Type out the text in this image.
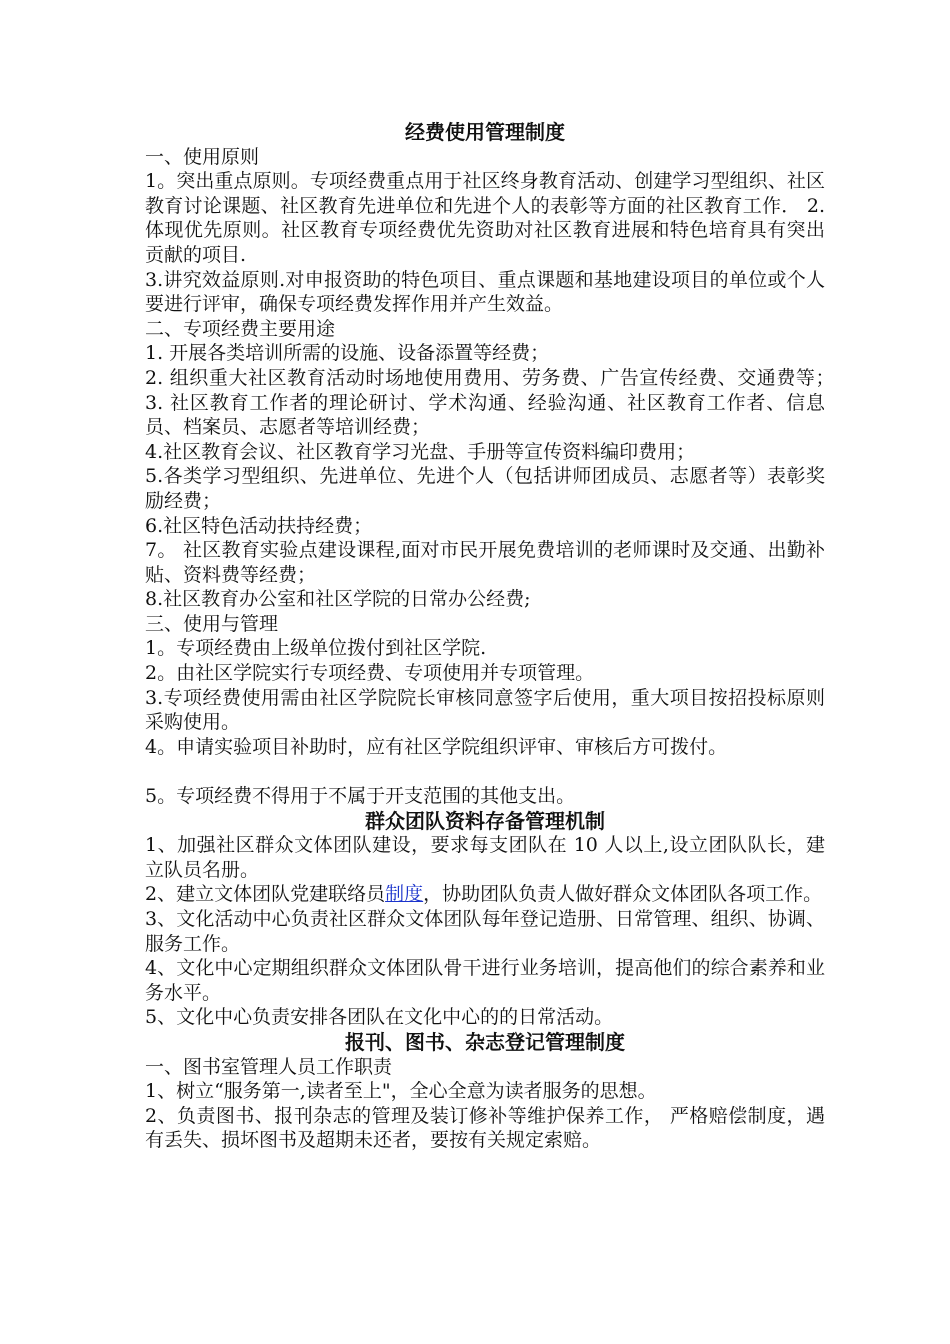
经费使用管理制度

一、使用原则

1。突出重点原则。专项经费重点用于社区终身教育活动、创建学习型组织、社区教育讨论课题、社区教育先进单位和先进个人的表彰等方面的社区教育工作． 2.体现优先原则。社区教育专项经费优先资助对社区教育进展和特色培育具有突出贡献的项目.

3.讲究效益原则.对申报资助的特色项目、重点课题和基地建设项目的单位或个人要进行评审，确保专项经费发挥作用并产生效益。

二、专项经费主要用途

1. 开展各类培训所需的设施、设备添置等经费；

2. 组织重大社区教育活动时场地使用费用、劳务费、广告宣传经费、交通费等；　3. 社区教育工作者的理论研讨、学术沟通、经验沟通、社区教育工作者、信息员、档案员、志愿者等培训经费；

4.社区教育会议、社区教育学习光盘、手册等宣传资料编印费用；

5.各类学习型组织、先进单位、先进个人（包括讲师团成员、志愿者等）表彰奖励经费；

6.社区特色活动扶持经费；

7。 社区教育实验点建设课程,面对市民开展免费培训的老师课时及交通、出勤补贴、资料费等经费；

8.社区教育办公室和社区学院的日常办公经费;

三、使用与管理

1。专项经费由上级单位拨付到社区学院.

2。由社区学院实行专项经费、专项使用并专项管理。

3.专项经费使用需由社区学院院长审核同意签字后使用，重大项目按招投标原则采购使用。

4。申请实验项目补助时，应有社区学院组织评审、审核后方可拨付。

5。专项经费不得用于不属于开支范围的其他支出。

群众团队资料存备管理机制

1、加强社区群众文体团队建设，要求每支团队在 10 人以上,设立团队队长，建立队员名册。

2、建立文体团队党建联络员制度，协助团队负责人做好群众文体团队各项工作。

3、文化活动中心负责社区群众文体团队每年登记造册、日常管理、组织、协调、服务工作。

4、文化中心定期组织群众文体团队骨干进行业务培训，提高他们的综合素养和业务水平。

5、文化中心负责安排各团队在文化中心的的日常活动。

报刊、图书、杂志登记管理制度

一、图书室管理人员工作职责

1、树立“服务第一,读者至上"，全心全意为读者服务的思想。

2、负责图书、报刊杂志的管理及装订修补等维护保养工作， 严格赔偿制度，遇有丢失、损坏图书及超期未还者，要按有关规定索赔。
